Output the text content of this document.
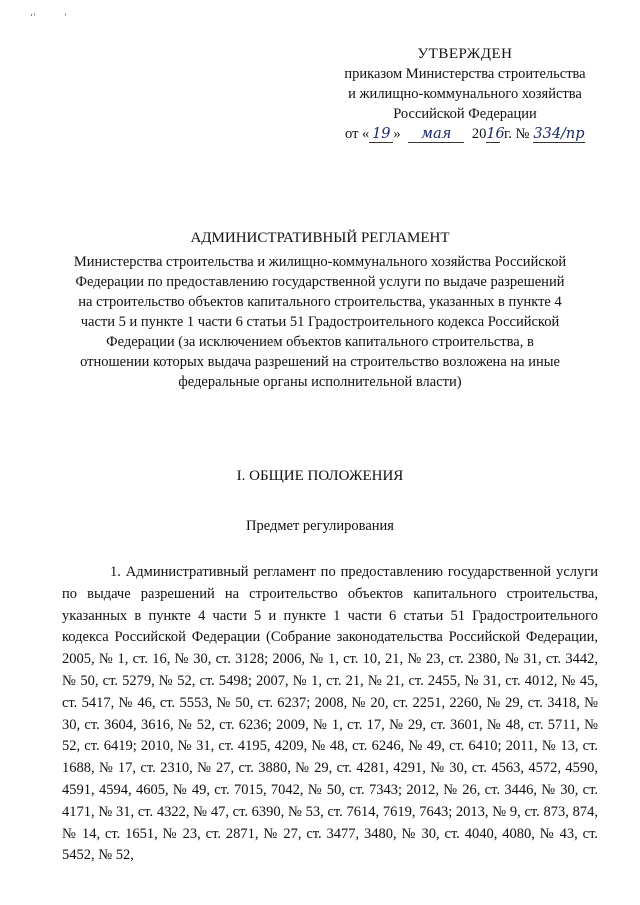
‘’	’
УТВЕРЖДЕН
приказом Министерства строительства
и жилищно-коммунального хозяйства
Российской Федерации
от « 19 » мая 2016 г. № 334/пр
АДМИНИСТРАТИВНЫЙ РЕГЛАМЕНТ
Министерства строительства и жилищно-коммунального хозяйства Российской Федерации по предоставлению государственной услуги по выдаче разрешений на строительство объектов капитального строительства, указанных в пункте 4 части 5 и пункте 1 части 6 статьи 51 Градостроительного кодекса Российской Федерации (за исключением объектов капитального строительства, в отношении которых выдача разрешений на строительство возложена на иные федеральные органы исполнительной власти)
I. ОБЩИЕ ПОЛОЖЕНИЯ
Предмет регулирования

1. Административный регламент по предоставлению государственной услуги по выдаче разрешений на строительство объектов капитального строительства, указанных в пункте 4 части 5 и пункте 1 части 6 статьи 51 Градостроительного кодекса Российской Федерации (Собрание законодательства Российской Федерации, 2005, № 1, ст. 16, № 30, ст. 3128; 2006, № 1, ст. 10, 21, № 23, ст. 2380, № 31, ст. 3442, № 50, ст. 5279, № 52, ст. 5498; 2007, № 1, ст. 21, № 21, ст. 2455, № 31, ст. 4012, № 45, ст. 5417, № 46, ст. 5553, № 50, ст. 6237; 2008, № 20, ст. 2251, 2260, № 29, ст. 3418, № 30, ст. 3604, 3616, № 52, ст. 6236; 2009, № 1, ст. 17, № 29, ст. 3601, № 48, ст. 5711, № 52, ст. 6419; 2010, № 31, ст. 4195, 4209, № 48, ст. 6246, № 49, ст. 6410; 2011, № 13, ст. 1688, № 17, ст. 2310, № 27, ст. 3880, № 29, ст. 4281, 4291, № 30, ст. 4563, 4572, 4590, 4591, 4594, 4605, № 49, ст. 7015, 7042, № 50, ст. 7343; 2012, № 26, ст. 3446, № 30, ст. 4171, № 31, ст. 4322, № 47, ст. 6390, № 53, ст. 7614, 7619, 7643; 2013, № 9, ст. 873, 874, № 14, ст. 1651, № 23, ст. 2871, № 27, ст. 3477, 3480, № 30, ст. 4040, 4080, № 43, ст. 5452, № 52,
